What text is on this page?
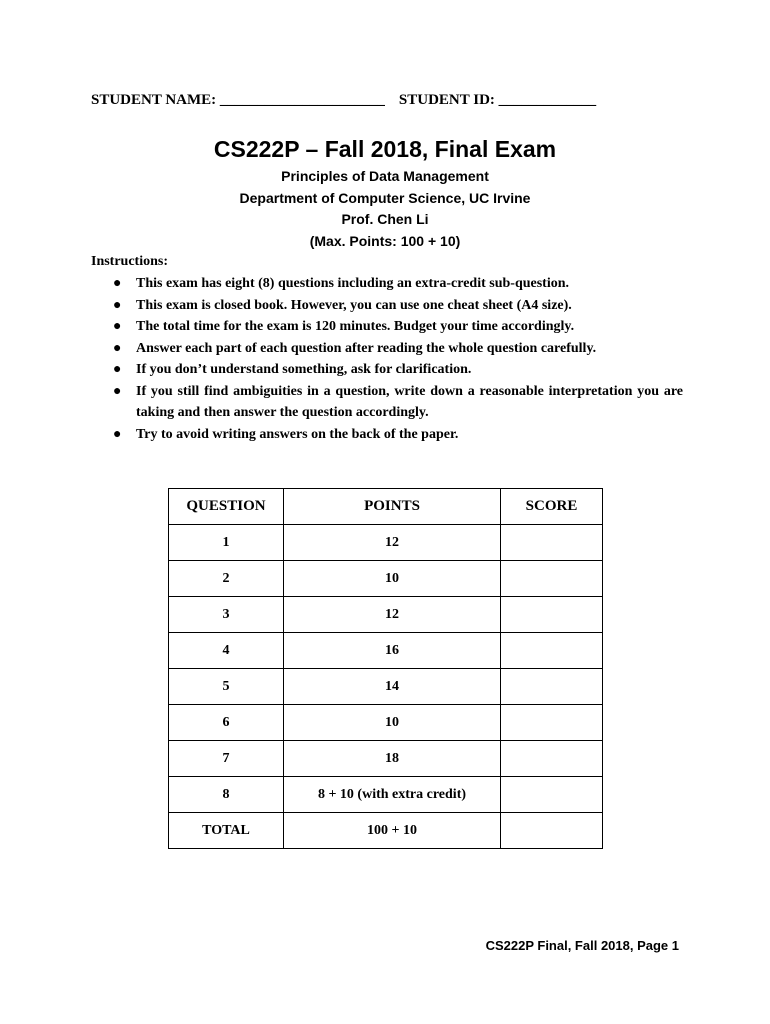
STUDENT NAME: ______________________ STUDENT ID: _____________
CS222P – Fall 2018, Final Exam
Principles of Data Management
Department of Computer Science, UC Irvine
Prof. Chen Li
(Max. Points: 100 + 10)
Instructions:
● This exam has eight (8) questions including an extra-credit sub-question.
● This exam is closed book. However, you can use one cheat sheet (A4 size).
● The total time for the exam is 120 minutes. Budget your time accordingly.
● Answer each part of each question after reading the whole question carefully.
● If you don’t understand something, ask for clarification.
● If you still find ambiguities in a question, write down a reasonable interpretation you are taking and then answer the question accordingly.
● Try to avoid writing answers on the back of the paper.
QUESTION	POINTS	SCORE
1	12	
2	10	
3	12	
4	16	
5	14	
6	10	
7	18	
8	8 + 10 (with extra credit)	
TOTAL	100 + 10	
CS222P Final, Fall 2018, Page 1
